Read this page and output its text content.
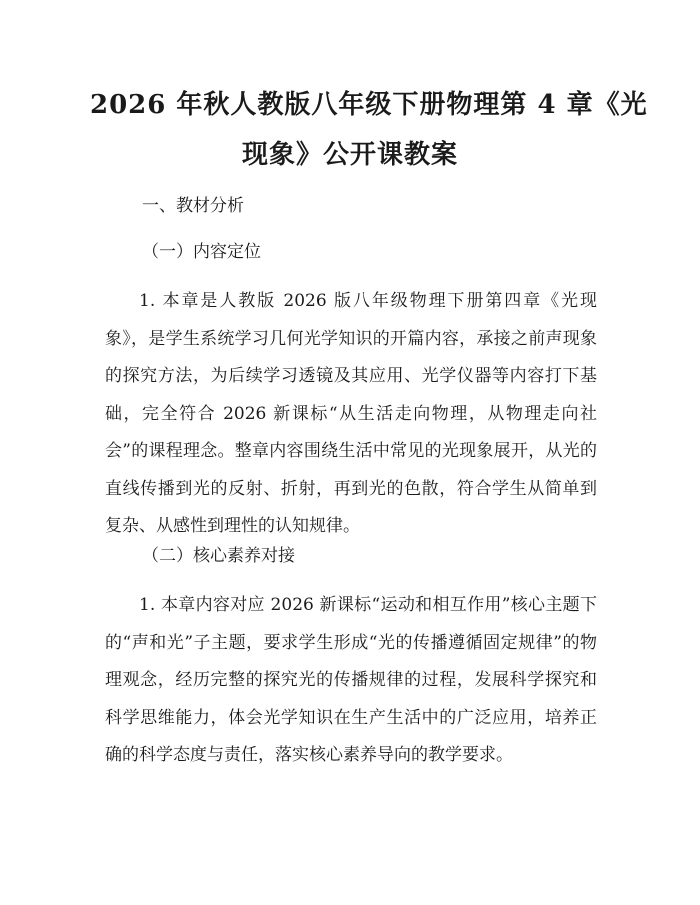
2026 年秋人教版八年级下册物理第 4 章《光
现象》公开课教案
一、教材分析
（一）内容定位
1. 本章是人教版 2026 版八年级物理下册第四章《光现象》，是学生系统学习几何光学知识的开篇内容，承接之前声现象的探究方法，为后续学习透镜及其应用、光学仪器等内容打下基础，完全符合 2026 新课标“从生活走向物理，从物理走向社会”的课程理念。整章内容围绕生活中常见的光现象展开，从光的直线传播到光的反射、折射，再到光的色散，符合学生从简单到复杂、从感性到理性的认知规律。
（二）核心素养对接
1. 本章内容对应 2026 新课标“运动和相互作用”核心主题下的“声和光”子主题，要求学生形成“光的传播遵循固定规律”的物理观念，经历完整的探究光的传播规律的过程，发展科学探究和科学思维能力，体会光学知识在生产生活中的广泛应用，培养正确的科学态度与责任，落实核心素养导向的教学要求。
